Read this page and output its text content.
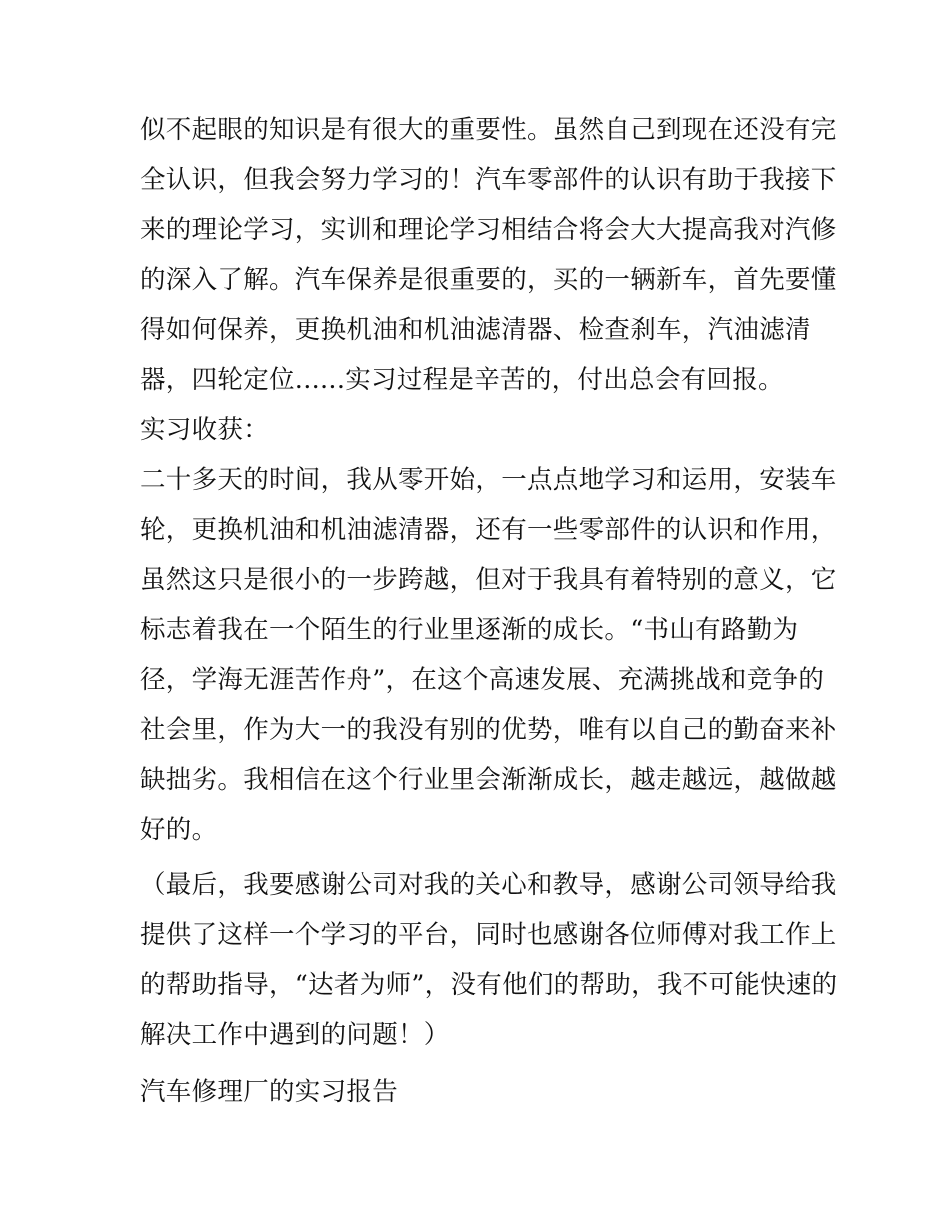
似不起眼的知识是有很大的重要性。虽然自己到现在还没有完
全认识，但我会努力学习的！汽车零部件的认识有助于我接下
来的理论学习，实训和理论学习相结合将会大大提高我对汽修
的深入了解。汽车保养是很重要的，买的一辆新车，首先要懂
得如何保养，更换机油和机油滤清器、检查刹车，汽油滤清
器，四轮定位......实习过程是辛苦的，付出总会有回报。
实习收获：
二十多天的时间，我从零开始，一点点地学习和运用，安装车
轮，更换机油和机油滤清器，还有一些零部件的认识和作用，
虽然这只是很小的一步跨越，但对于我具有着特别的意义，它
标志着我在一个陌生的行业里逐渐的成长。“书山有路勤为
径，学海无涯苦作舟”，在这个高速发展、充满挑战和竞争的
社会里，作为大一的我没有别的优势，唯有以自己的勤奋来补
缺拙劣。我相信在这个行业里会渐渐成长，越走越远，越做越
好的。
（最后，我要感谢公司对我的关心和教导，感谢公司领导给我
提供了这样一个学习的平台，同时也感谢各位师傅对我工作上
的帮助指导，“达者为师”，没有他们的帮助，我不可能快速的
解决工作中遇到的问题！）
汽车修理厂的实习报告
